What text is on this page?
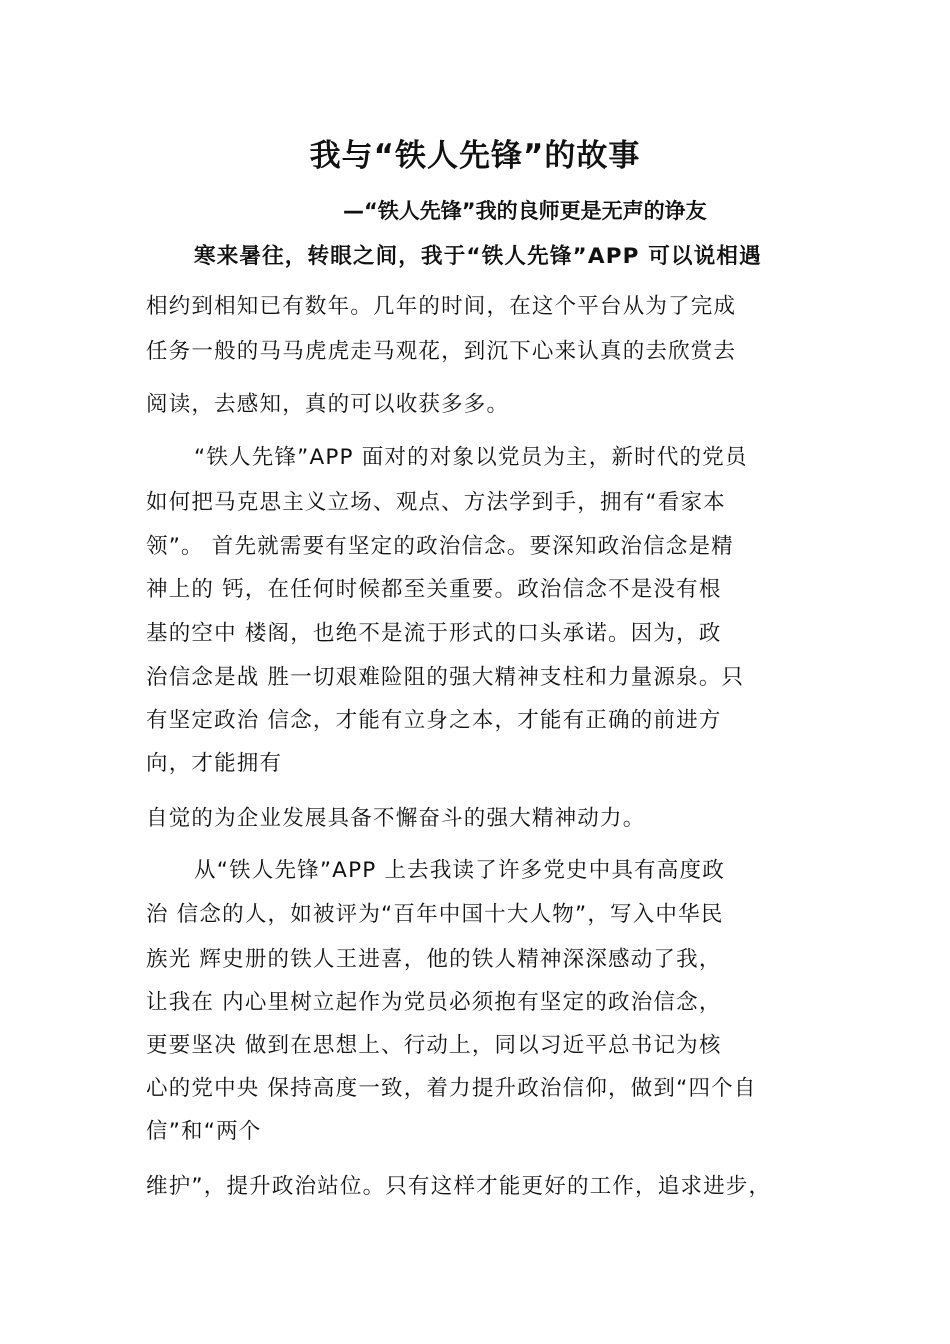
我与“铁人先锋”的故事
—“铁人先锋”我的良师更是无声的诤友
寒来暑往，转眼之间，我于“铁人先锋”APP 可以说相遇
相约到相知已有数年。几年的时间，在这个平台从为了完成
任务一般的马马虎虎走马观花，到沉下心来认真的去欣赏去
阅读，去感知，真的可以收获多多。
“铁人先锋”APP 面对的对象以党员为主，新时代的党员
如何把马克思主义立场、观点、方法学到手，拥有“看家本
领”。 首先就需要有坚定的政治信念。要深知政治信念是精
神上的 钙，在任何时候都至关重要。政治信念不是没有根
基的空中 楼阁，也绝不是流于形式的口头承诺。因为，政
治信念是战 胜一切艰难险阻的强大精神支柱和力量源泉。只
有坚定政治 信念，才能有立身之本，才能有正确的前进方
向，才能拥有
自觉的为企业发展具备不懈奋斗的强大精神动力。
从“铁人先锋”APP 上去我读了许多党史中具有高度政
治 信念的人，如被评为“百年中国十大人物”，写入中华民
族光 辉史册的铁人王进喜，他的铁人精神深深感动了我，
让我在 内心里树立起作为党员必须抱有坚定的政治信念，
更要坚决 做到在思想上、行动上，同以习近平总书记为核
心的党中央 保持高度一致，着力提升政治信仰，做到“四个自
信”和“两个
维护”，提升政治站位。只有这样才能更好的工作，追求进步，
